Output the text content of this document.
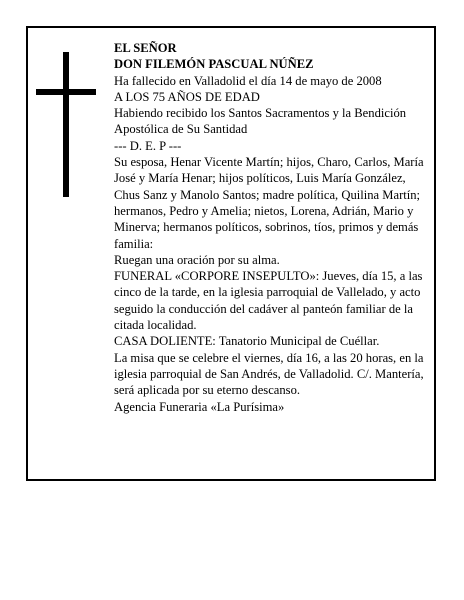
EL SEÑOR

DON FILEMÓN PASCUAL NÚÑEZ

Ha fallecido en Valladolid el día 14 de mayo de 2008

A LOS 75 AÑOS DE EDAD

Habiendo recibido los Santos Sacramentos y la Bendición Apostólica de Su Santidad

--- D. E. P ---

Su esposa, Henar Vicente Martín; hijos, Charo, Carlos, María José y María Henar; hijos políticos, Luis María González, Chus Sanz y Manolo Santos; madre política, Quilina Martín; hermanos, Pedro y Amelia; nietos, Lorena, Adrián, Mario y Minerva; hermanos políticos, sobrinos, tíos, primos y demás familia:

Ruegan una oración por su alma.

FUNERAL «CORPORE INSEPULTO»: Jueves, día 15, a las cinco de la tarde, en la iglesia parroquial de Vallelado, y acto seguido la conducción del cadáver al panteón familiar de la citada localidad.

CASA DOLIENTE: Tanatorio Municipal de Cuéllar.

La misa que se celebre el viernes, día 16, a las 20 horas, en la iglesia parroquial de San Andrés, de Valladolid. C/. Mantería, será aplicada por su eterno descanso.

Agencia Funeraria «La Purísima»
